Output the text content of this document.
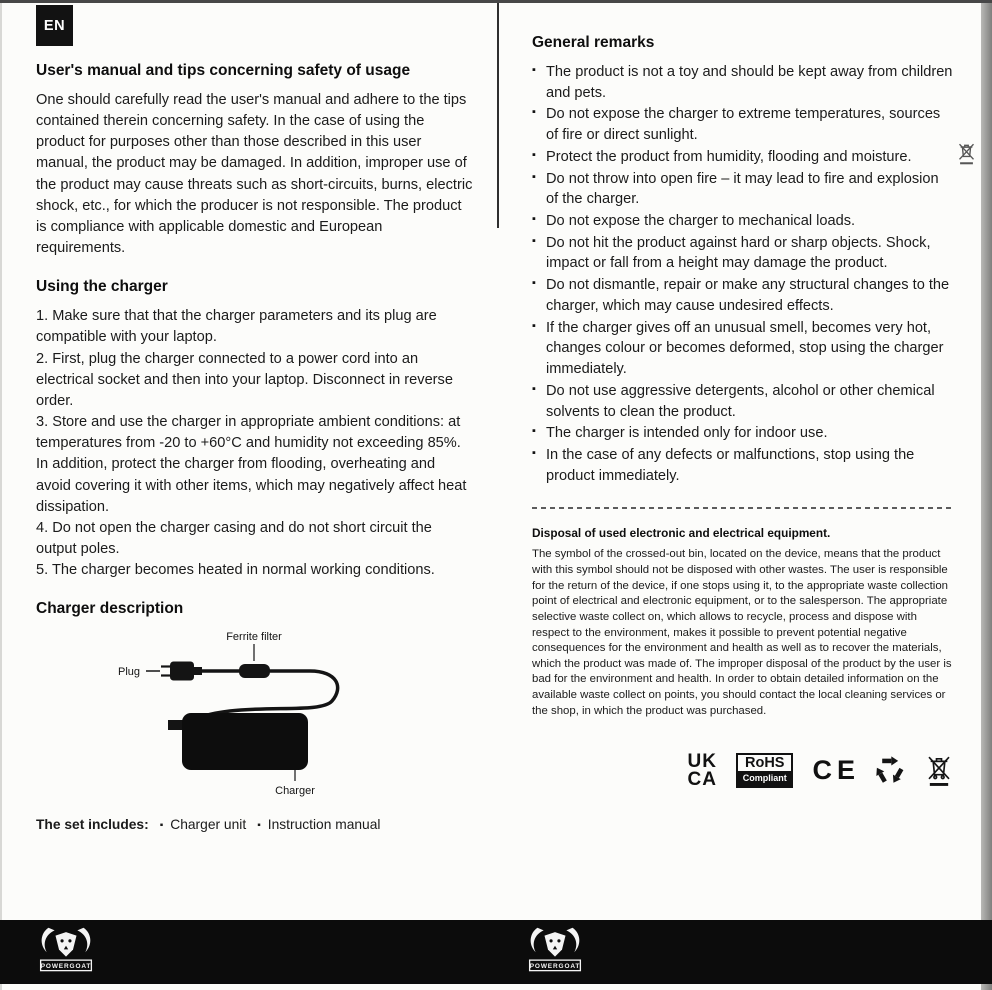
EN
User's manual and tips concerning safety of usage

One should carefully read the user's manual and adhere to the tips contained therein concerning safety. In the case of using the product for purposes other than those described in this user manual, the product may be damaged. In addition, improper use of the product may cause threats such as short-circuits, burns, electric shock, etc., for which the producer is not responsible. The product is compliance with applicable domestic and European requirements.

Using the charger

1. Make sure that that the charger parameters and its plug are compatible with your laptop.

2. First, plug the charger connected to a power cord into an electrical socket and then into your laptop. Disconnect in reverse order.

3. Store and use the charger in appropriate ambient conditions: at temperatures from -20 to +60°C and humidity not exceeding 85%. In addition, protect the charger from flooding, overheating and avoid covering it with other items, which may negatively affect heat dissipation.

4. Do not open the charger casing and do not short circuit the output poles.

5. The charger becomes heated in normal working conditions.

Charger description
Ferrite filter
Plug
Charger
The set includes: ▪ Charger unit ▪ Instruction manual
General remarks
▪ The product is not a toy and should be kept away from children and pets.
▪ Do not expose the charger to extreme temperatures, sources of fire or direct sunlight.
▪ Protect the product from humidity, flooding and moisture.
▪ Do not throw into open fire – it may lead to fire and explosion of the charger.
▪ Do not expose the charger to mechanical loads.
▪ Do not hit the product against hard or sharp objects. Shock, impact or fall from a height may damage the product.
▪ Do not dismantle, repair or make any structural changes to the charger, which may cause undesired effects.
▪ If the charger gives off an unusual smell, becomes very hot, changes colour or becomes deformed, stop using the charger immediately.
▪ Do not use aggressive detergents, alcohol or other chemical solvents to clean the product.
▪ The charger is intended only for indoor use.
▪ In the case of any defects or malfunctions, stop using the product immediately.
Disposal of used electronic and electrical equipment.

The symbol of the crossed-out bin, located on the device, means that the product with this symbol should not be disposed with other wastes. The user is responsible for the return of the device, if one stops using it, to the appropriate waste collection point of electrical and electronic equipment, or to the salesperson. The appropriate selective waste collect on, which allows to recycle, process and dispose with respect to the environment, makes it possible to prevent potential negative consequences for the environment and health as well as to recover the materials, which the product was made of. The improper disposal of the product by the user is bad for the environment and health. In order to obtain detailed information on the available waste collect on points, you should contact the local cleaning services or the shop, in which the product was purchased.

UK
CA
RoHS
Compliant CE
POWERGOAT	POWERGOAT
